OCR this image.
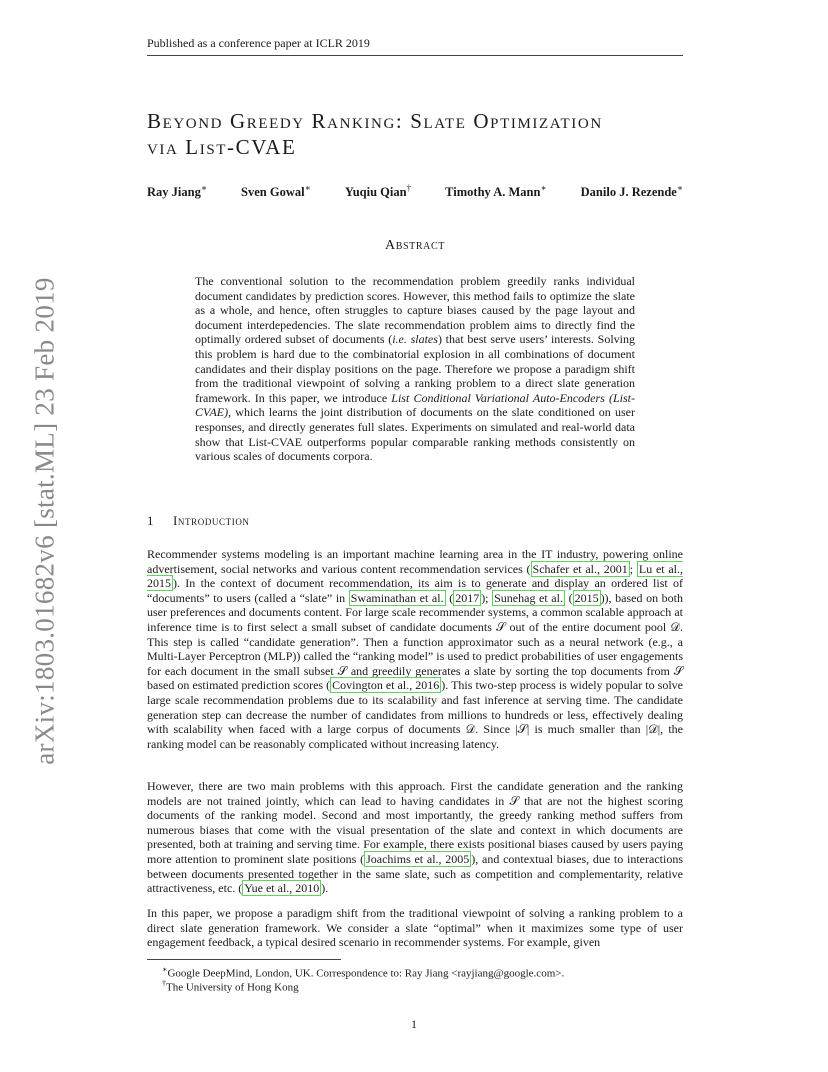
Published as a conference paper at ICLR 2019
arXiv:1803.01682v6 [stat.ML] 23 Feb 2019
Beyond Greedy Ranking: Slate Optimization
via List-CVAE
Ray Jiang∗	Sven Gowal∗	Yuqiu Qian†	Timothy A. Mann∗	Danilo J. Rezende∗
Abstract

The conventional solution to the recommendation problem greedily ranks individual document candidates by prediction scores. However, this method fails to optimize the slate as a whole, and hence, often struggles to capture biases caused by the page layout and document interdepedencies. The slate recommendation problem aims to directly find the optimally ordered subset of documents (i.e. slates) that best serve users’ interests. Solving this problem is hard due to the combinatorial explosion in all combinations of document candidates and their display positions on the page. Therefore we propose a paradigm shift from the traditional viewpoint of solving a ranking problem to a direct slate generation framework. In this paper, we introduce List Conditional Variational Auto-Encoders (List-CVAE), which learns the joint distribution of documents on the slate conditioned on user responses, and directly generates full slates. Experiments on simulated and real-world data show that List-CVAE outperforms popular comparable ranking methods consistently on various scales of documents corpora.

1 Introduction

Recommender systems modeling is an important machine learning area in the IT industry, powering online advertisement, social networks and various content recommendation services ( Schafer et al., 2001 ; Lu et al., 2015 ). In the context of document recommendation, its aim is to generate and display an ordered list of “documents” to users (called a “slate” in Swaminathan et al. ( 2017 ); Sunehag et al. ( 2015 )), based on both user preferences and documents content. For large scale recommender systems, a common scalable approach at inference time is to first select a small subset of candidate documents 𝒮 out of the entire document pool 𝒟. This step is called “candidate generation”. Then a function approximator such as a neural network (e.g., a Multi-Layer Perceptron (MLP)) called the “ranking model” is used to predict probabilities of user engagements for each document in the small subset 𝒮 and greedily generates a slate by sorting the top documents from 𝒮 based on estimated prediction scores ( Covington et al., 2016 ). This two-step process is widely popular to solve large scale recommendation problems due to its scalability and fast inference at serving time. The candidate generation step can decrease the number of candidates from millions to hundreds or less, effectively dealing with scalability when faced with a large corpus of documents 𝒟. Since |𝒮| is much smaller than |𝒟|, the ranking model can be reasonably complicated without increasing latency.

However, there are two main problems with this approach. First the candidate generation and the ranking models are not trained jointly, which can lead to having candidates in 𝒮 that are not the highest scoring documents of the ranking model. Second and most importantly, the greedy ranking method suffers from numerous biases that come with the visual presentation of the slate and context in which documents are presented, both at training and serving time. For example, there exists positional biases caused by users paying more attention to prominent slate positions ( Joachims et al., 2005 ), and contextual biases, due to interactions between documents presented together in the same slate, such as competition and complementarity, relative attractiveness, etc. ( Yue et al., 2010 ).

In this paper, we propose a paradigm shift from the traditional viewpoint of solving a ranking problem to a direct slate generation framework. We consider a slate “optimal” when it maximizes some type of user engagement feedback, a typical desired scenario in recommender systems. For example, given

∗Google DeepMind, London, UK. Correspondence to: Ray Jiang <rayjiang@google.com>.
†The University of Hong Kong
1
